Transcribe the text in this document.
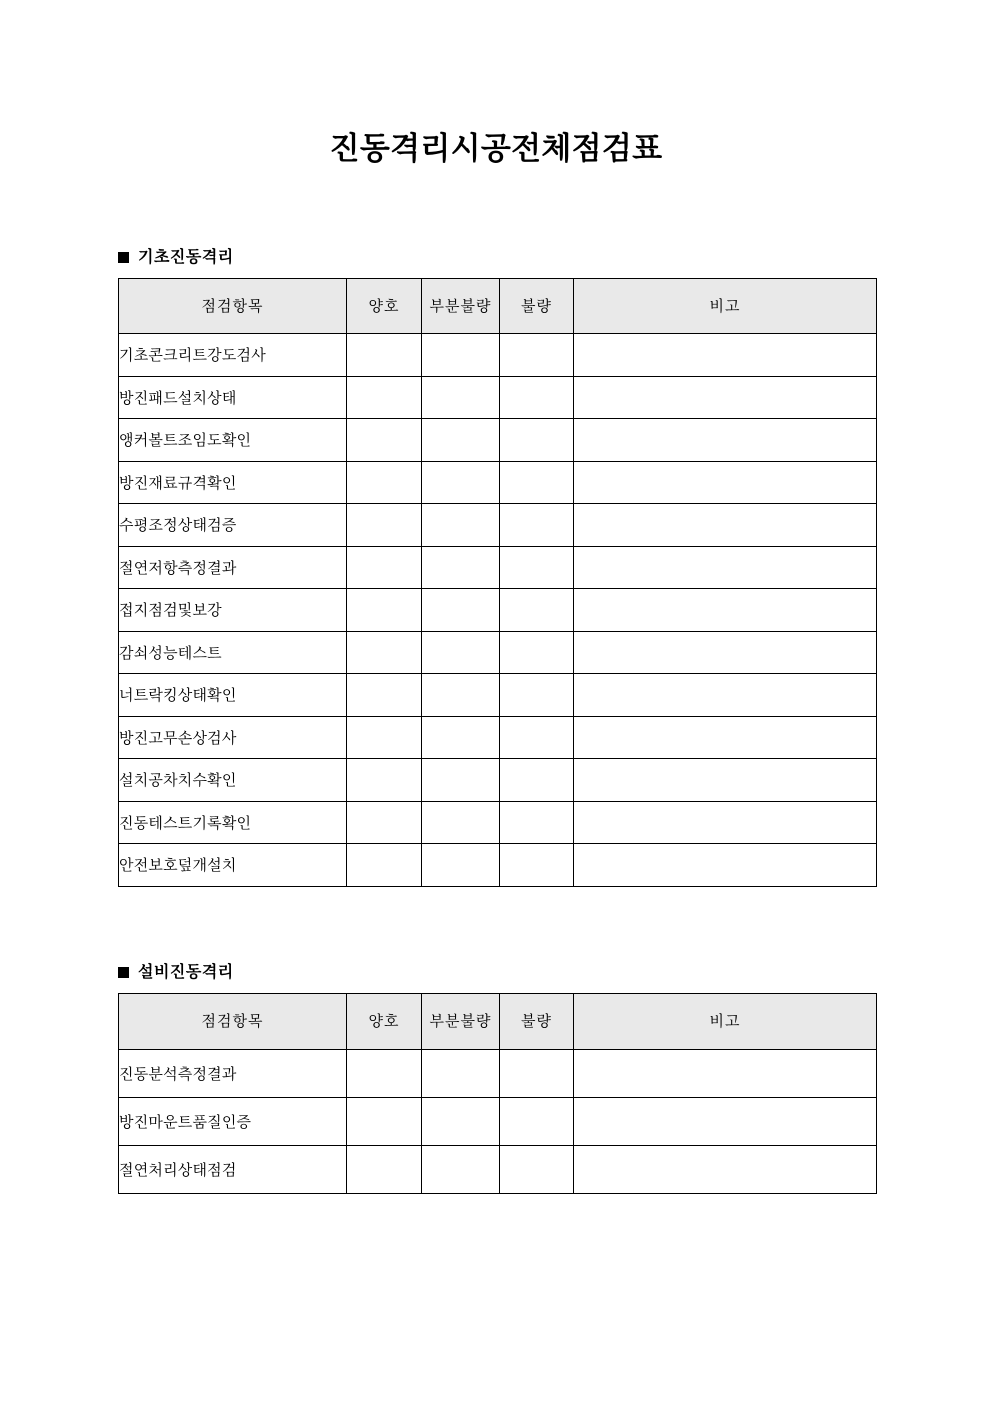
진동격리시공전체점검표
기초진동격리
점검항목	양호	부분불량	불량	비고
기초콘크리트강도검사				
방진패드설치상태				
앵커볼트조임도확인				
방진재료규격확인				
수평조정상태검증				
절연저항측정결과				
접지점검및보강				
감쇠성능테스트				
너트락킹상태확인				
방진고무손상검사				
설치공차치수확인				
진동테스트기록확인				
안전보호덮개설치				
설비진동격리
점검항목	양호	부분불량	불량	비고
진동분석측정결과				
방진마운트품질인증				
절연처리상태점검				
